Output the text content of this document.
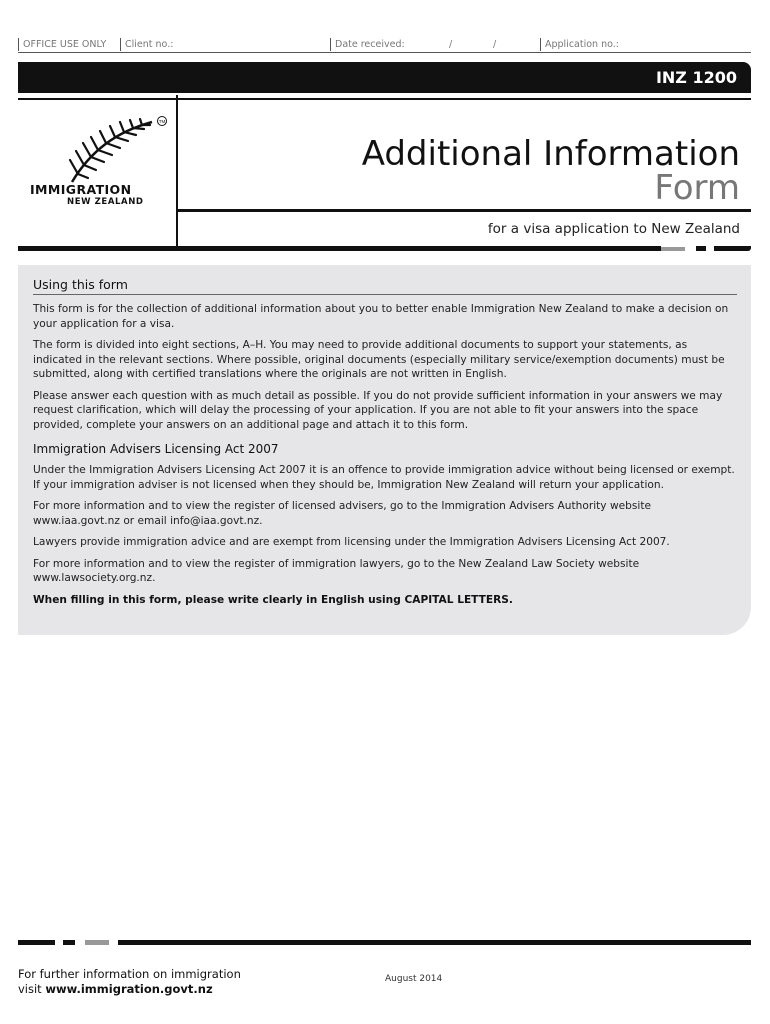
OFFICE USE ONLY	Client no.:	Date received:	/	/	Application no.:
INZ 1200
TM
IMMIGRATION
NEW ZEALAND
Additional Information
Form
for a visa application to New Zealand
Using this form

This form is for the collection of additional information about you to better enable Immigration New Zealand to make a decision on your application for a visa.

The form is divided into eight sections, A–H. You may need to provide additional documents to support your statements, as indicated in the relevant sections. Where possible, original documents (especially military service/exemption documents) must be submitted, along with certified translations where the originals are not written in English.

Please answer each question with as much detail as possible. If you do not provide sufficient information in your answers we may request clarification, which will delay the processing of your application. If you are not able to fit your answers into the space provided, complete your answers on an additional page and attach it to this form.

Immigration Advisers Licensing Act 2007

Under the Immigration Advisers Licensing Act 2007 it is an offence to provide immigration advice without being licensed or exempt. If your immigration adviser is not licensed when they should be, Immigration New Zealand will return your application.

For more information and to view the register of licensed advisers, go to the Immigration Advisers Authority website www.iaa.govt.nz or email info@iaa.govt.nz.

Lawyers provide immigration advice and are exempt from licensing under the Immigration Advisers Licensing Act 2007.

For more information and to view the register of immigration lawyers, go to the New Zealand Law Society website www.lawsociety.org.nz.

When filling in this form, please write clearly in English using CAPITAL LETTERS.

For further information on immigration
visit www.immigration.govt.nz
August 2014
